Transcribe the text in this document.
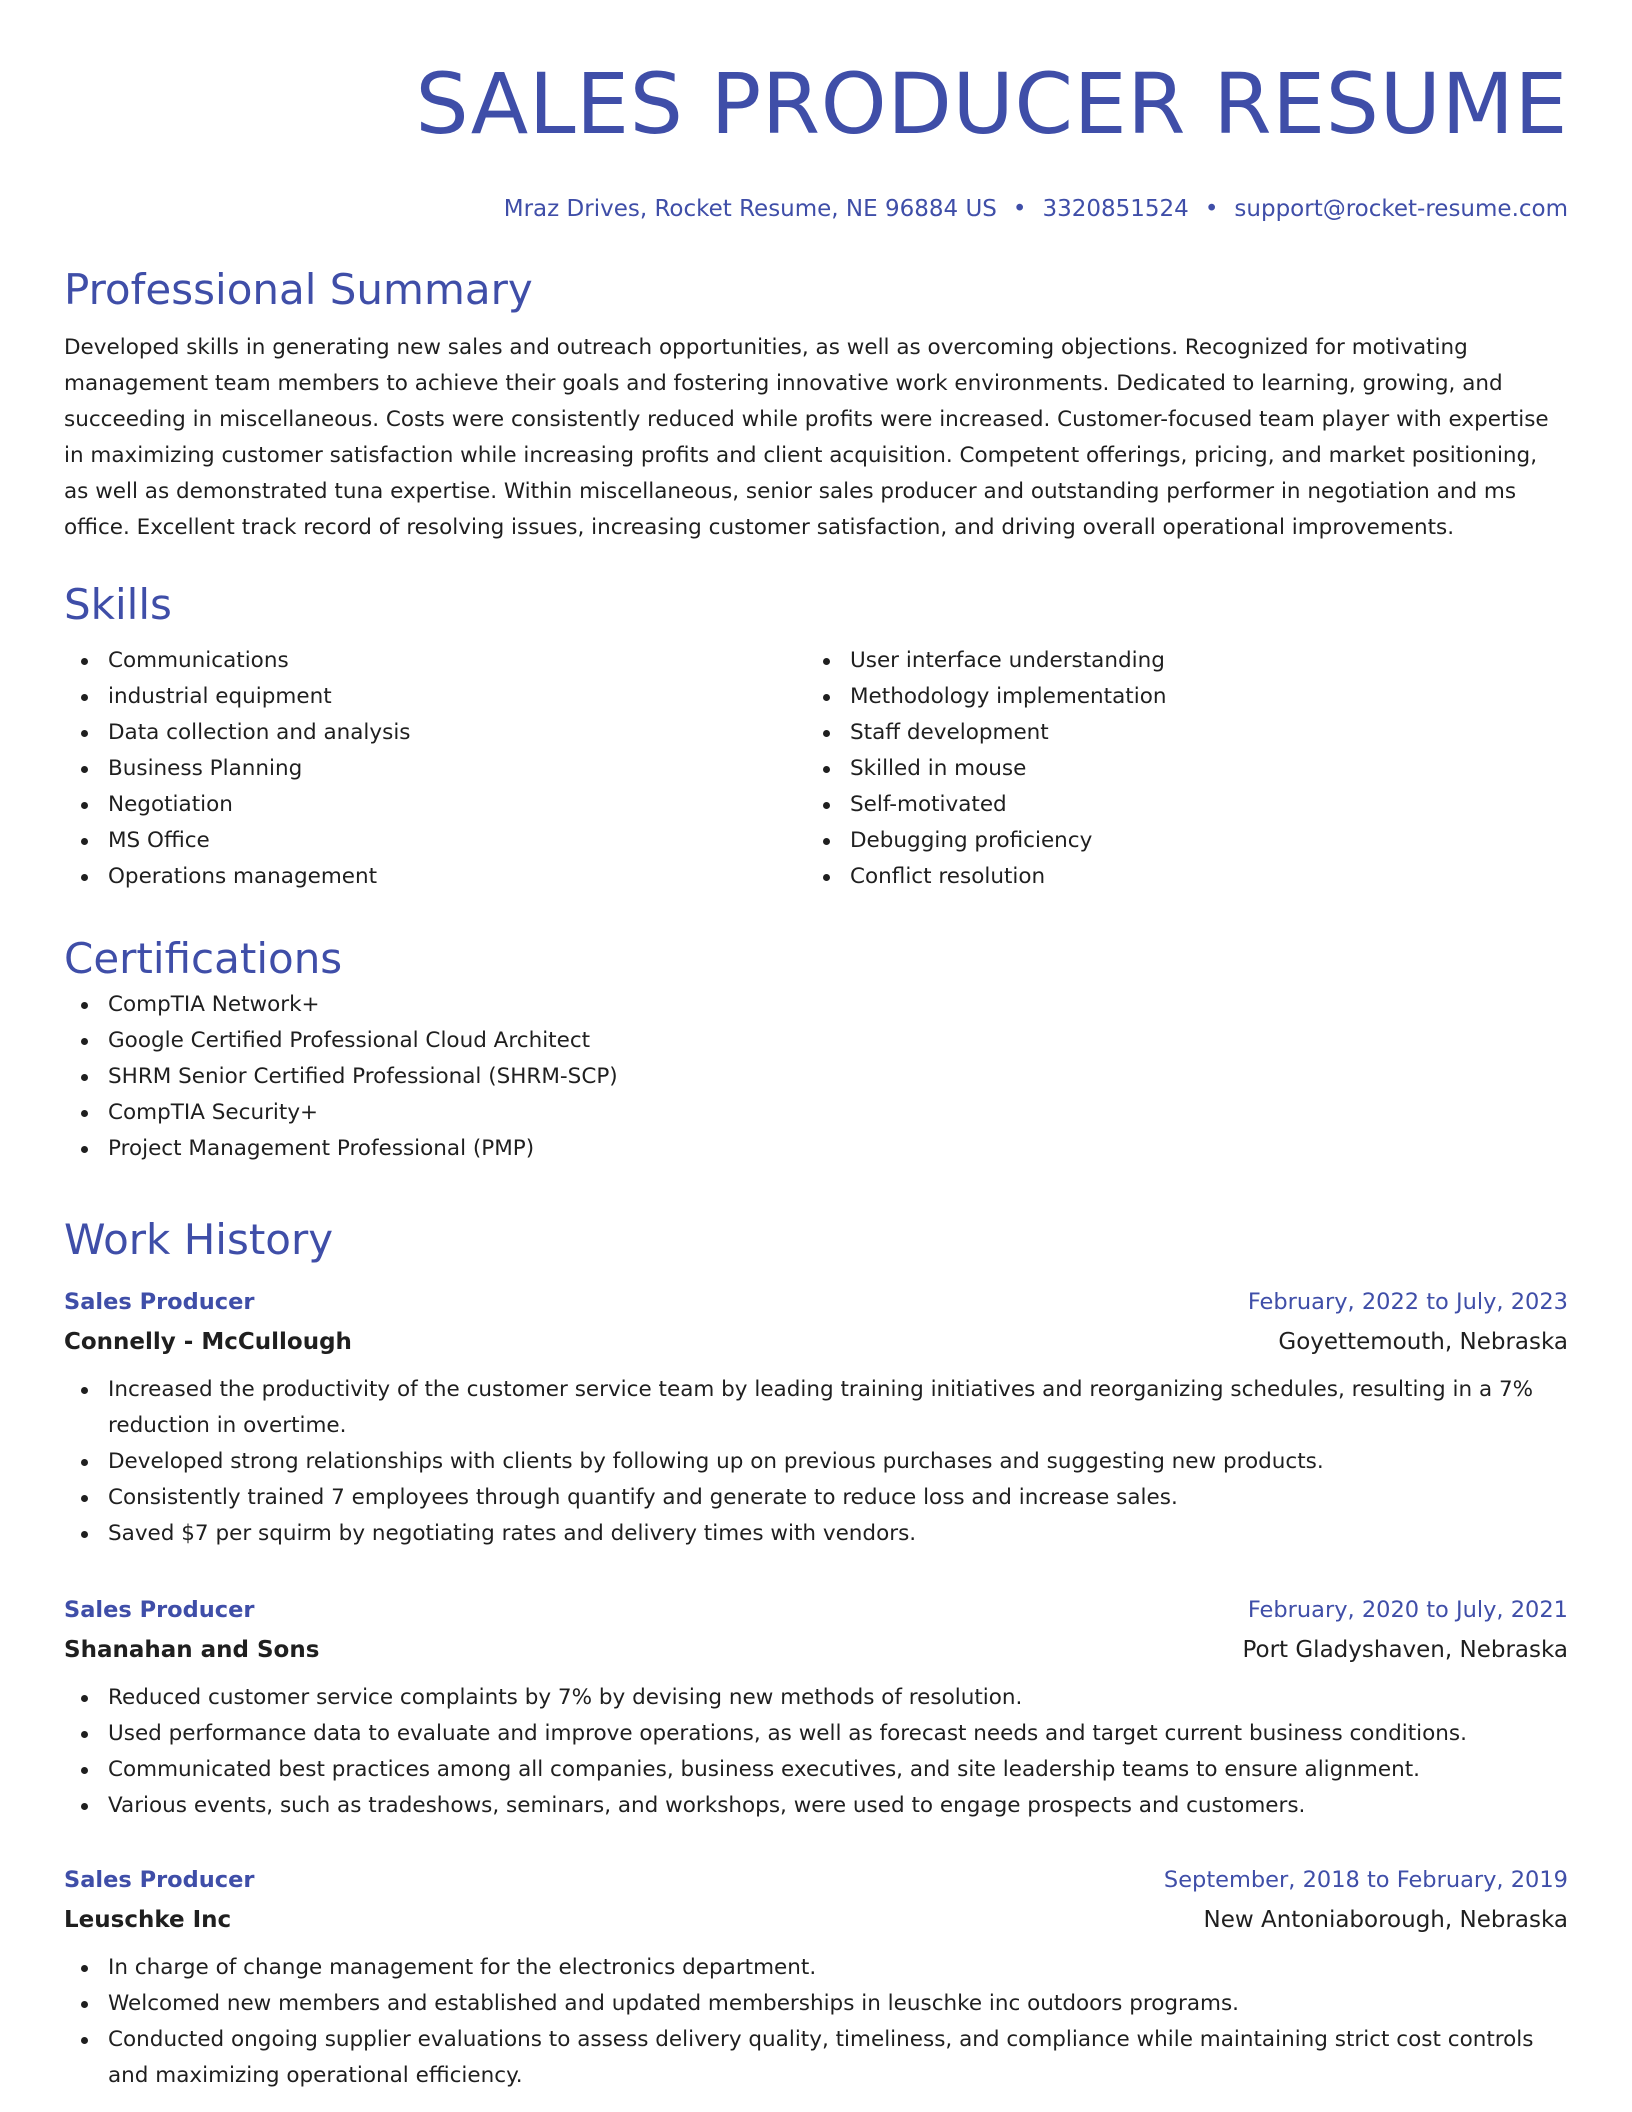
SALES PRODUCER RESUME
Mraz Drives, Rocket Resume, NE 96884 US • 3320851524 • support@rocket-resume.com
Professional Summary

Developed skills in generating new sales and outreach opportunities, as well as overcoming objections. Recognized for motivating management team members to achieve their goals and fostering innovative work environments. Dedicated to learning, growing, and succeeding in miscellaneous. Costs were consistently reduced while profits were increased. Customer-focused team player with expertise in maximizing customer satisfaction while increasing profits and client acquisition. Competent offerings, pricing, and market positioning, as well as demonstrated tuna expertise. Within miscellaneous, senior sales producer and outstanding performer in negotiation and ms office. Excellent track record of resolving issues, increasing customer satisfaction, and driving overall operational improvements.

Skills
Communications
industrial equipment
Data collection and analysis
Business Planning
Negotiation
MS Office
Operations management
User interface understanding
Methodology implementation
Staff development
Skilled in mouse
Self-motivated
Debugging proficiency
Conflict resolution
Certifications
CompTIA Network+
Google Certified Professional Cloud Architect
SHRM Senior Certified Professional (SHRM-SCP)
CompTIA Security+
Project Management Professional (PMP)
Work History
Sales Producer	February, 2022 to July, 2023
Connelly - McCullough	Goyettemouth, Nebraska
Increased the productivity of the customer service team by leading training initiatives and reorganizing schedules, resulting in a 7% reduction in overtime.
Developed strong relationships with clients by following up on previous purchases and suggesting new products.
Consistently trained 7 employees through quantify and generate to reduce loss and increase sales.
Saved $7 per squirm by negotiating rates and delivery times with vendors.
Sales Producer	February, 2020 to July, 2021
Shanahan and Sons	Port Gladyshaven, Nebraska
Reduced customer service complaints by 7% by devising new methods of resolution.
Used performance data to evaluate and improve operations, as well as forecast needs and target current business conditions.
Communicated best practices among all companies, business executives, and site leadership teams to ensure alignment.
Various events, such as tradeshows, seminars, and workshops, were used to engage prospects and customers.
Sales Producer	September, 2018 to February, 2019
Leuschke Inc	New Antoniaborough, Nebraska
In charge of change management for the electronics department.
Welcomed new members and established and updated memberships in leuschke inc outdoors programs.
Conducted ongoing supplier evaluations to assess delivery quality, timeliness, and compliance while maintaining strict cost controls and maximizing operational efficiency.
